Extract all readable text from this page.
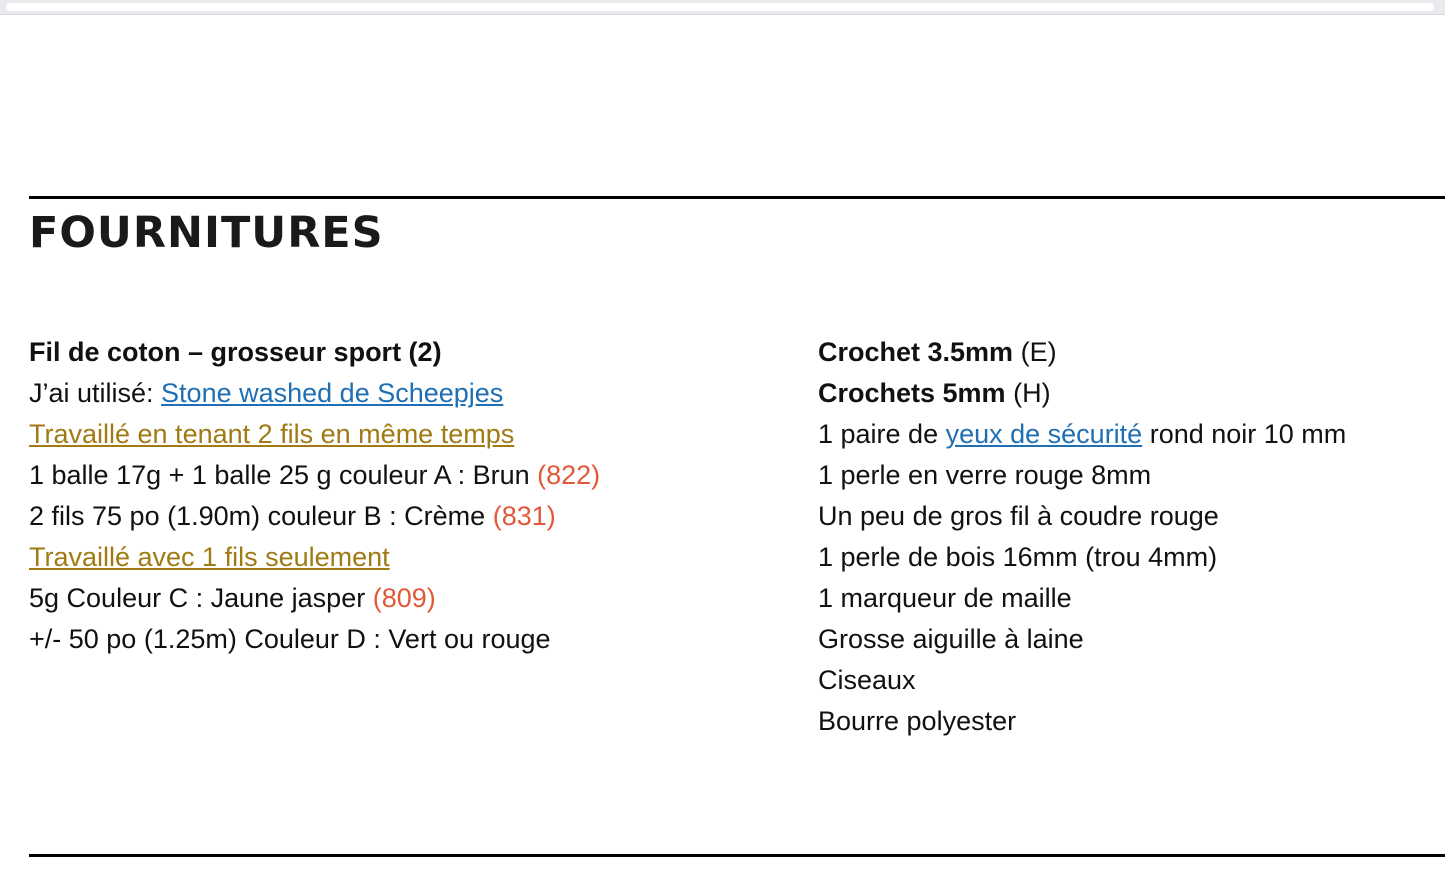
FOURNITURES
Fil de coton – grosseur sport (2)
J’ai utilisé: Stone washed de Scheepjes
Travaillé en tenant 2 fils en même temps
1 balle 17g + 1 balle 25 g couleur A : Brun (822)
2 fils 75 po (1.90m) couleur B : Crème (831)
Travaillé avec 1 fils seulement
5g Couleur C : Jaune jasper (809)
+/- 50 po (1.25m) Couleur D : Vert ou rouge
Crochet 3.5mm (E)
Crochets 5mm (H)
1 paire de yeux de sécurité rond noir 10 mm
1 perle en verre rouge 8mm
Un peu de gros fil à coudre rouge
1 perle de bois 16mm (trou 4mm)
1 marqueur de maille
Grosse aiguille à laine
Ciseaux
Bourre polyester
